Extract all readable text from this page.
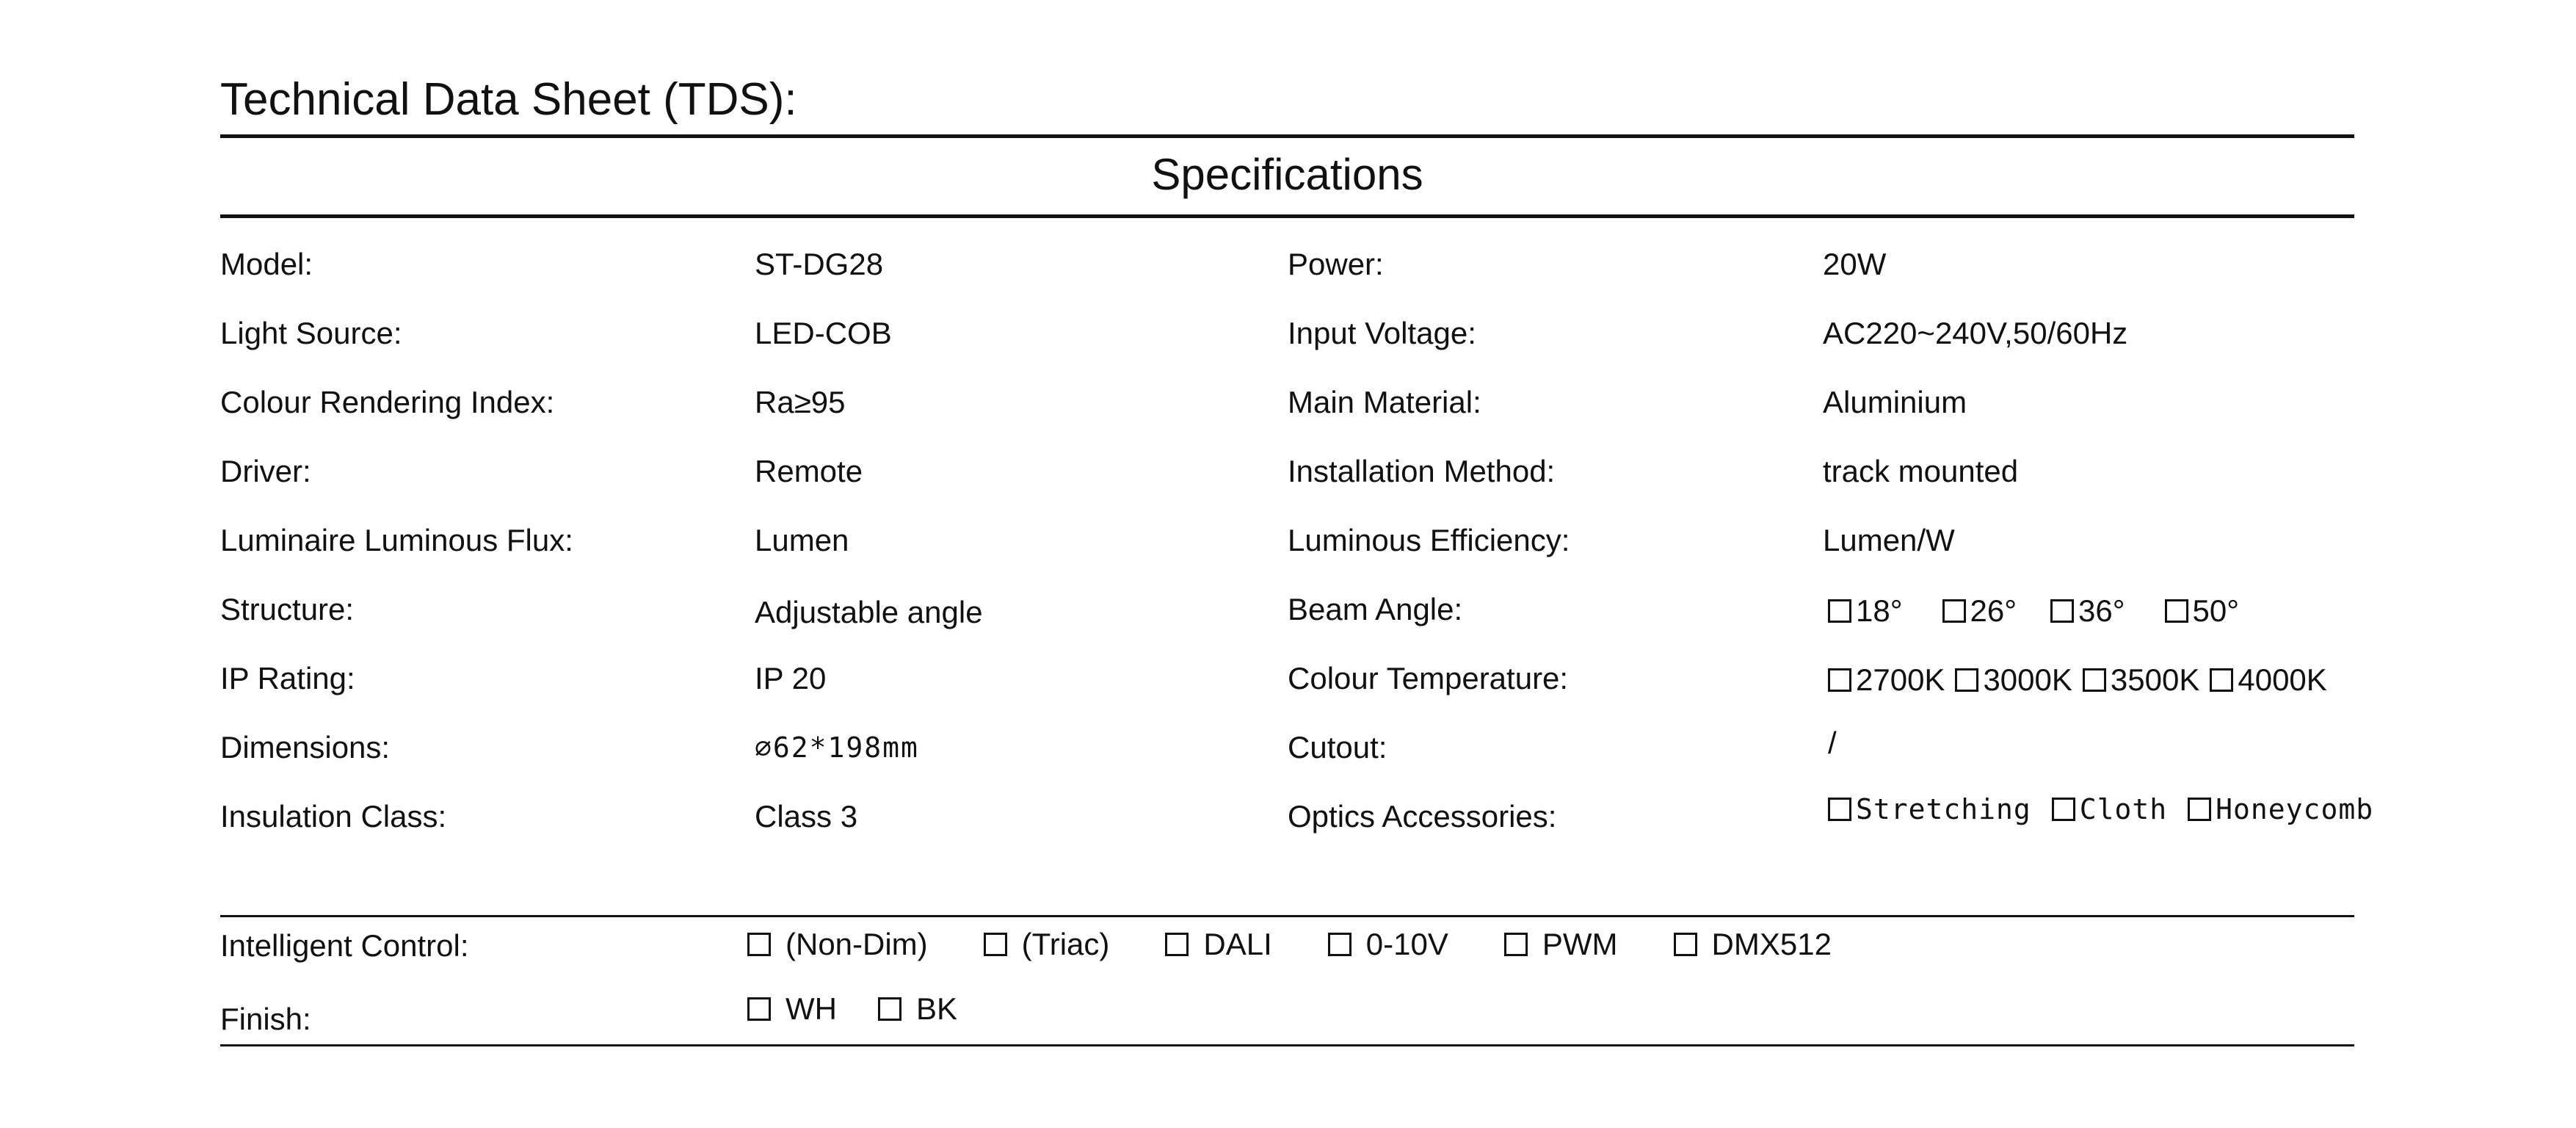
Technical Data Sheet (TDS):
Specifications
Model:	ST-DG28
Light Source:	LED-COB
Colour Rendering Index:	Ra≥95
Driver:	Remote
Luminaire Luminous Flux:	Lumen
Structure:	Adjustable angle
IP Rating:	IP 20
Dimensions:	∅62*198mm
Insulation Class:	Class 3
Power:	20W
Input Voltage:	AC220~240V,50/60Hz
Main Material:	Aluminium
Installation Method:	track mounted
Luminous Efficiency:	Lumen/W
Beam Angle:	18° 26° 36° 50°
Colour Temperature:	2700K 3000K 3500K 4000K
Cutout:	/
Optics Accessories:	Stretching Cloth Honeycomb
Intelligent Control:	(Non-Dim)	(Triac)	DALI	0-10V	PWM	DMX512
Finish:	WH	BK
